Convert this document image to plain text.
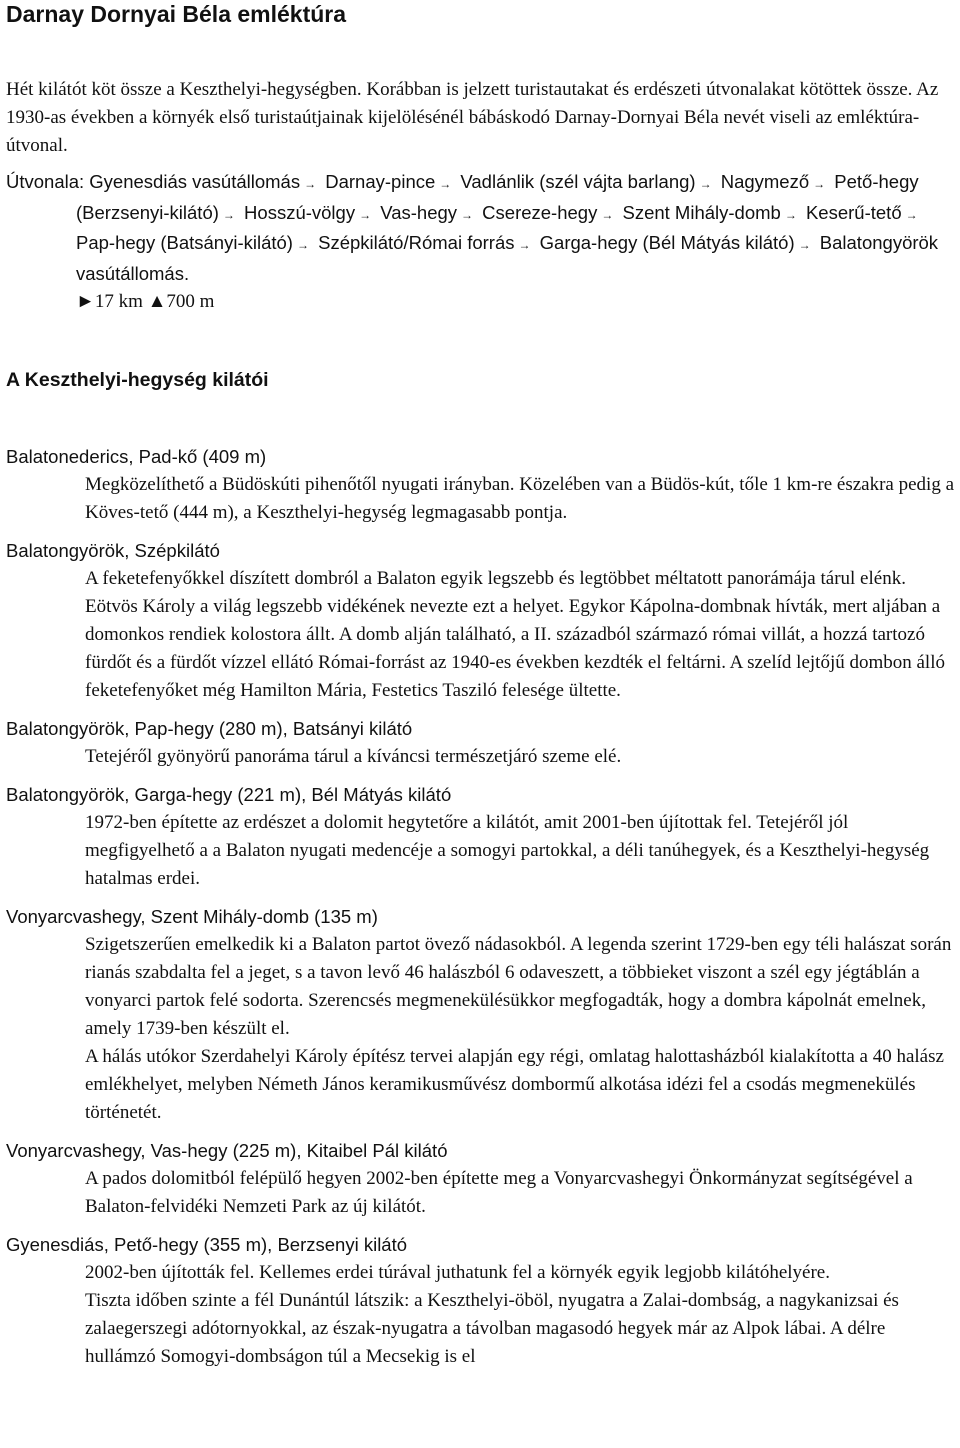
Darnay Dornyai Béla emléktúra

Hét kilátót köt össze a Keszthelyi-hegységben. Korábban is jelzett turistautakat és erdészeti útvonalakat kötöttek össze. Az 1930-as években a környék első turistaútjainak kijelölésénél bábáskodó Darnay-Dornyai Béla nevét viseli az emléktúra-útvonal.

Útvonala: Gyenesdiás vasútállomás → Darnay-pince → Vadlánlik (szél vájta barlang) → Nagymező → Pető-hegy (Berzsenyi-kilátó) → Hosszú-völgy → Vas-hegy → Csereze-hegy → Szent Mihály-domb → Keserű-tető → Pap-hegy (Batsányi-kilátó) → Szépkilátó/Római forrás → Garga-hegy (Bél Mátyás kilátó) → Balatongyörök vasútállomás.
►17 km ▲700 m
A Keszthelyi-hegység kilátói

Balatonederics, Pad-kő (409 m)

Megközelíthető a Büdöskúti pihenőtől nyugati irányban. Közelében van a Büdös-kút, tőle 1 km-re északra pedig a Köves-tető (444 m), a Keszthelyi-hegység legmagasabb pontja.

Balatongyörök, Szépkilátó

A feketefenyőkkel díszített dombról a Balaton egyik legszebb és legtöbbet méltatott panorámája tárul elénk. Eötvös Károly a világ legszebb vidékének nevezte ezt a helyet. Egykor Kápolna-dombnak hívták, mert aljában a domonkos rendiek kolostora állt. A domb alján található, a II. századból származó római villát, a hozzá tartozó fürdőt és a fürdőt vízzel ellátó Római-forrást az 1940-es években kezdték el feltárni. A szelíd lejtőjű dombon álló feketefenyőket még Hamilton Mária, Festetics Tasziló felesége ültette.

Balatongyörök, Pap-hegy (280 m), Batsányi kilátó

Tetejéről gyönyörű panoráma tárul a kíváncsi természetjáró szeme elé.

Balatongyörök, Garga-hegy (221 m), Bél Mátyás kilátó

1972-ben építette az erdészet a dolomit hegytetőre a kilátót, amit 2001-ben újítottak fel. Tetejéről jól megfigyelhető a a Balaton nyugati medencéje a somogyi partokkal, a déli tanúhegyek, és a Keszthelyi-hegység hatalmas erdei.

Vonyarcvashegy, Szent Mihály-domb (135 m)

Szigetszerűen emelkedik ki a Balaton partot övező nádasokból. A legenda szerint 1729-ben egy téli halászat során rianás szabdalta fel a jeget, s a tavon levő 46 halászból 6 odaveszett, a többieket viszont a szél egy jégtáblán a vonyarci partok felé sodorta. Szerencsés megmenekülésükkor megfogadták, hogy a dombra kápolnát emelnek, amely 1739-ben készült el.

A hálás utókor Szerdahelyi Károly építész tervei alapján egy régi, omlatag halottasházból kialakította a 40 halász emlékhelyet, melyben Németh János keramikusművész dombormű alkotása idézi fel a csodás megmenekülés történetét.

Vonyarcvashegy, Vas-hegy (225 m), Kitaibel Pál kilátó

A pados dolomitból felépülő hegyen 2002-ben építette meg a Vonyarcvashegyi Önkormányzat segítségével a Balaton-felvidéki Nemzeti Park az új kilátót.

Gyenesdiás, Pető-hegy (355 m), Berzsenyi kilátó

2002-ben újították fel. Kellemes erdei túrával juthatunk fel a környék egyik legjobb kilátóhelyére.

Tiszta időben szinte a fél Dunántúl látszik: a Keszthelyi-öböl, nyugatra a Zalai-dombság, a nagykanizsai és zalaegerszegi adótornyokkal, az észak-nyugatra a távolban magasodó hegyek már az Alpok lábai. A délre hullámzó Somogyi-dombságon túl a Mecsekig is el
